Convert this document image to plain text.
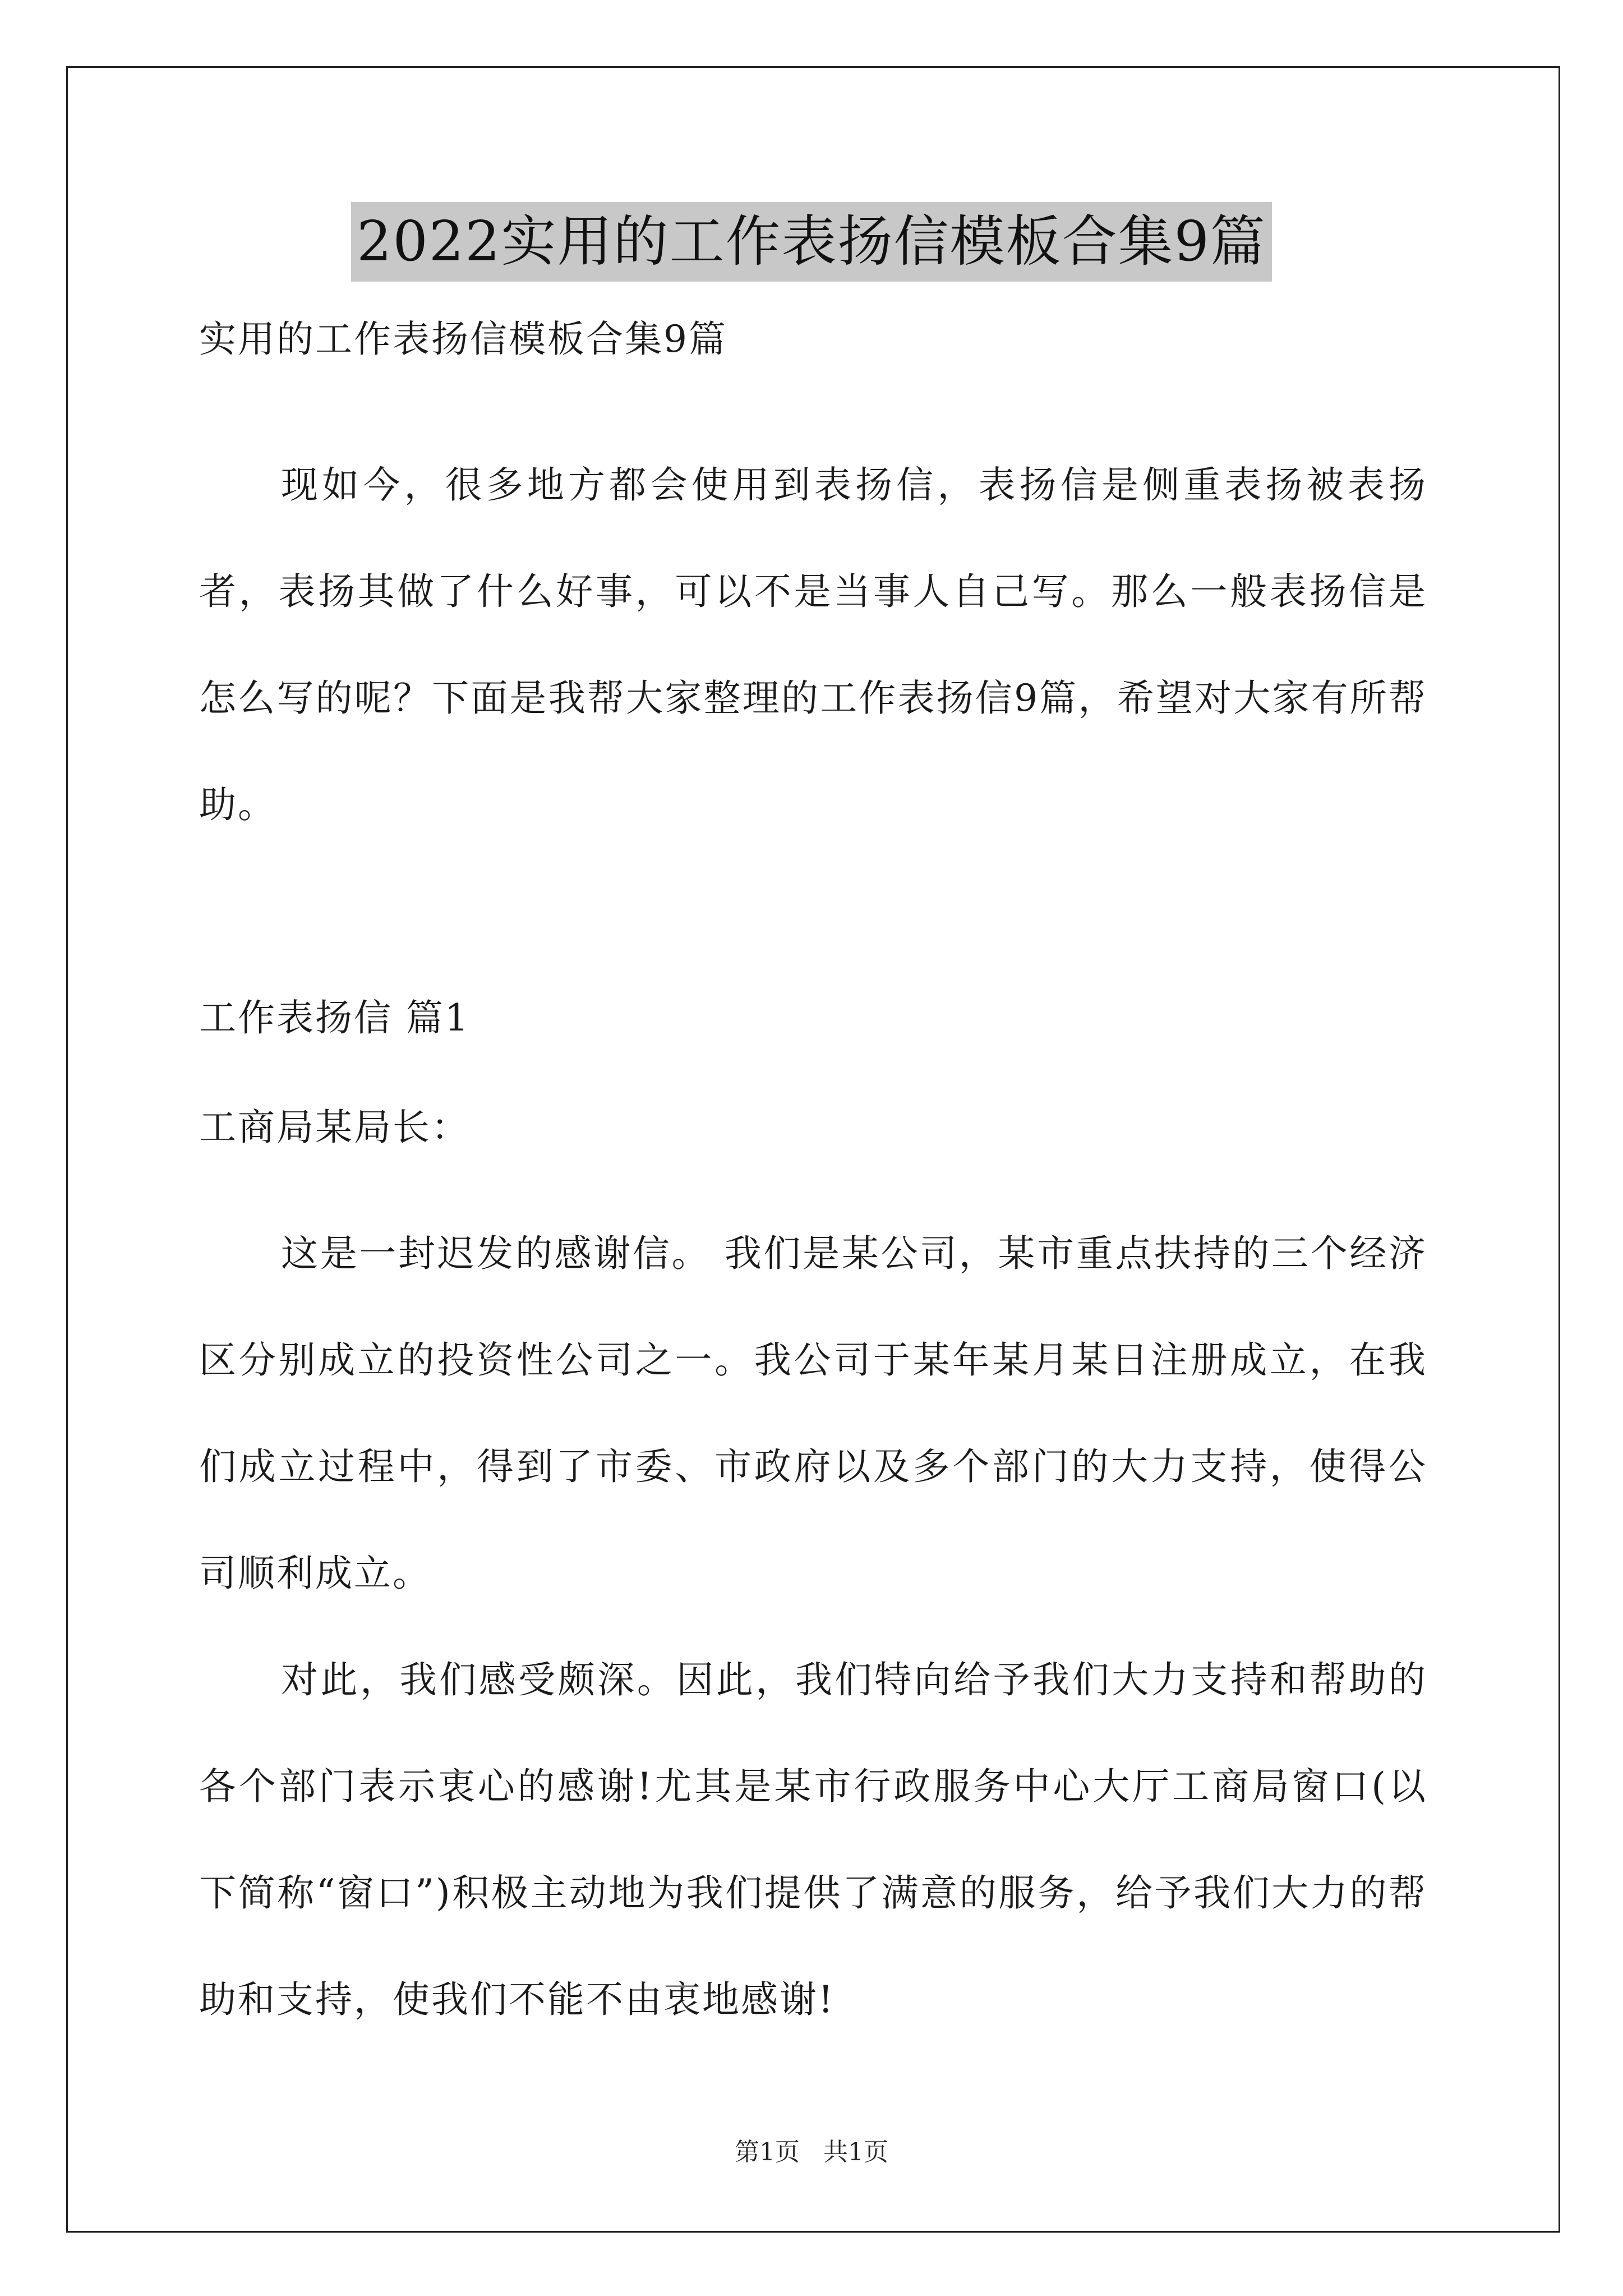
2022实用的工作表扬信模板合集9篇

实用的工作表扬信模板合集9篇

现如今，很多地方都会使用到表扬信，表扬信是侧重表扬被表扬者，表扬其做了什么好事，可以不是当事人自己写。那么一般表扬信是怎么写的呢？下面是我帮大家整理的工作表扬信9篇，希望对大家有所帮助。

工作表扬信 篇1

工商局某局长：

这是一封迟发的感谢信。 我们是某公司，某市重点扶持的三个经济区分别成立的投资性公司之一。我公司于某年某月某日注册成立，在我们成立过程中，得到了市委、市政府以及多个部门的大力支持，使得公司顺利成立。

对此，我们感受颇深。因此，我们特向给予我们大力支持和帮助的各个部门表示衷心的感谢!尤其是某市行政服务中心大厅工商局窗口(以下简称“窗口”)积极主动地为我们提供了满意的服务，给予我们大力的帮助和支持，使我们不能不由衷地感谢!

第1页   共1页
